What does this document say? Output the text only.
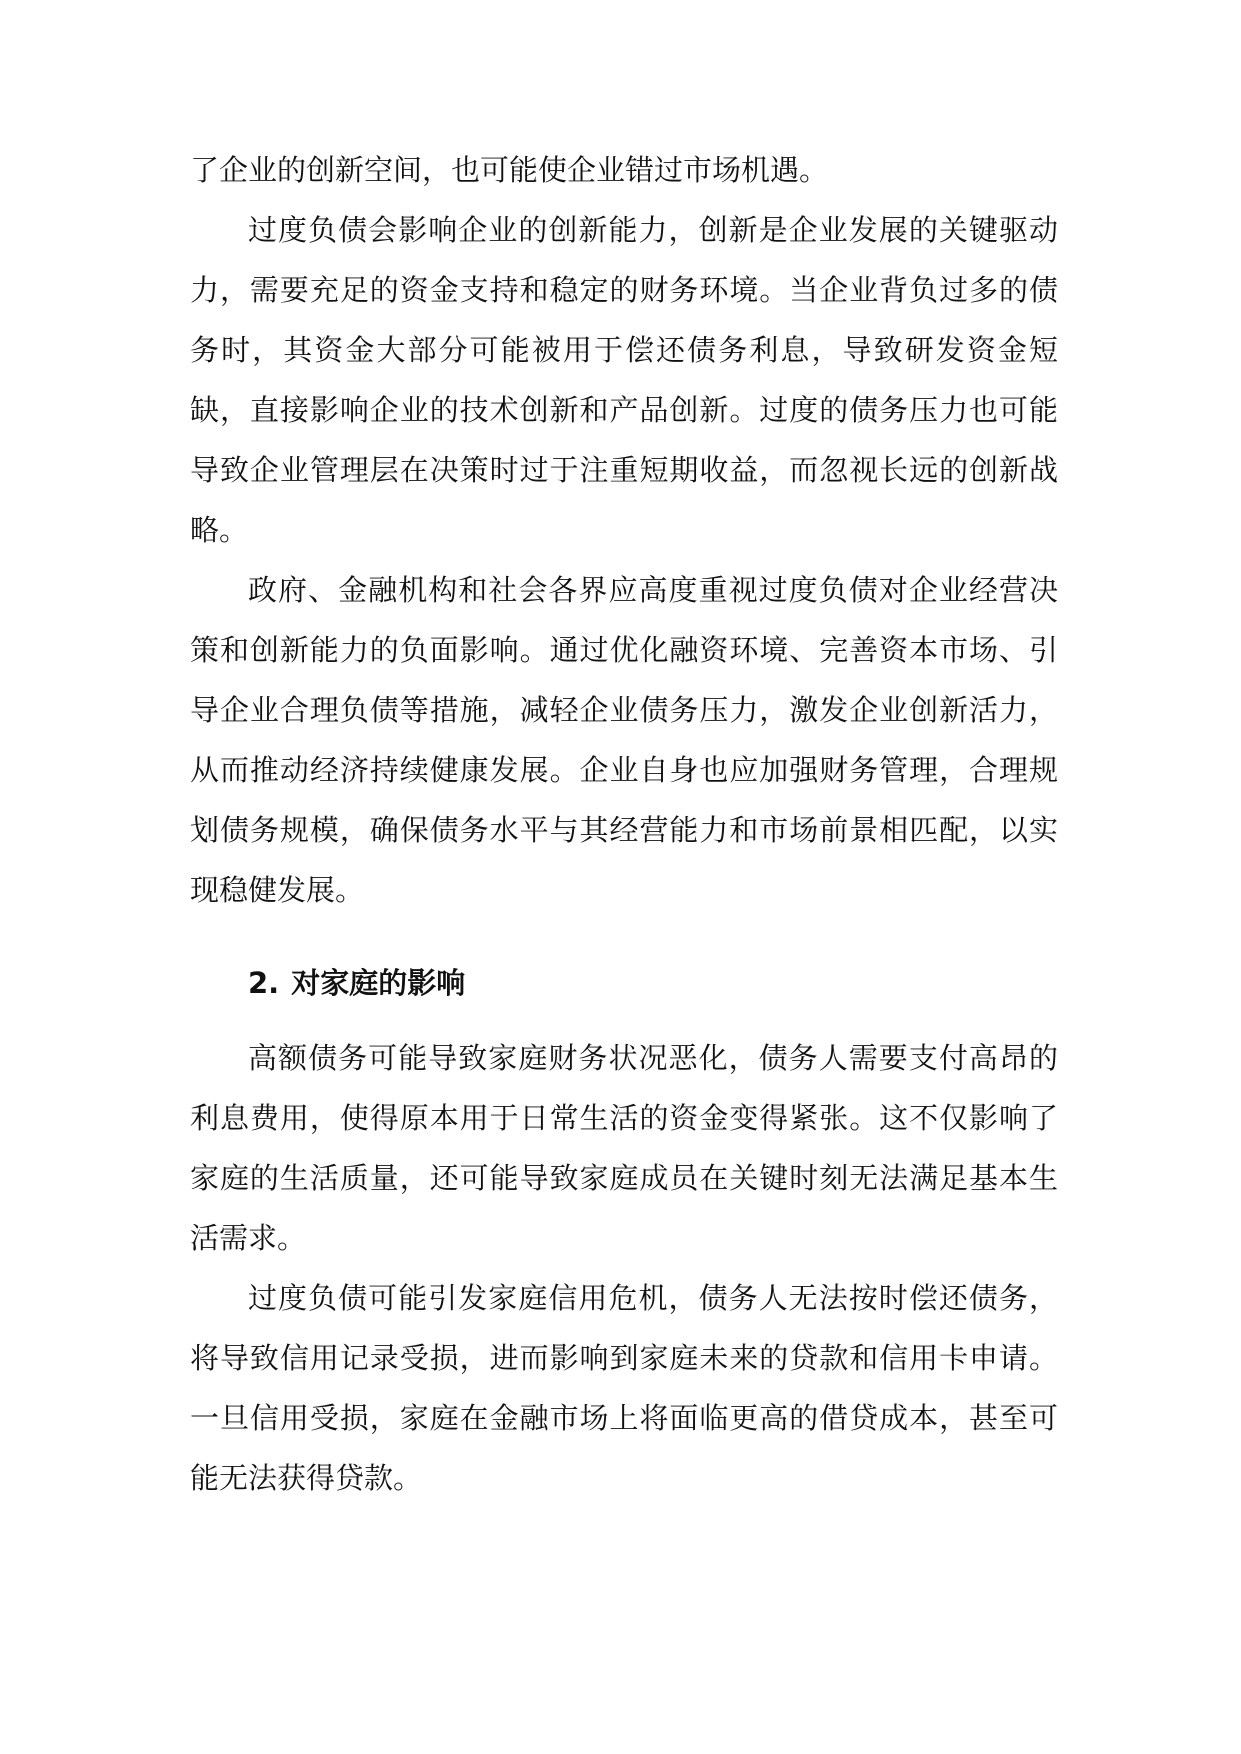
了企业的创新空间，也可能使企业错过市场机遇。

过度负债会影响企业的创新能力，创新是企业发展的关键驱动力，需要充足的资金支持和稳定的财务环境。当企业背负过多的债务时，其资金大部分可能被用于偿还债务利息，导致研发资金短缺，直接影响企业的技术创新和产品创新。过度的债务压力也可能导致企业管理层在决策时过于注重短期收益，而忽视长远的创新战略。

政府、金融机构和社会各界应高度重视过度负债对企业经营决策和创新能力的负面影响。通过优化融资环境、完善资本市场、引导企业合理负债等措施，减轻企业债务压力，激发企业创新活力，从而推动经济持续健康发展。企业自身也应加强财务管理，合理规划债务规模，确保债务水平与其经营能力和市场前景相匹配，以实现稳健发展。

2. 对家庭的影响

高额债务可能导致家庭财务状况恶化，债务人需要支付高昂的利息费用，使得原本用于日常生活的资金变得紧张。这不仅影响了家庭的生活质量，还可能导致家庭成员在关键时刻无法满足基本生活需求。

过度负债可能引发家庭信用危机，债务人无法按时偿还债务，将导致信用记录受损，进而影响到家庭未来的贷款和信用卡申请。一旦信用受损，家庭在金融市场上将面临更高的借贷成本，甚至可能无法获得贷款。
